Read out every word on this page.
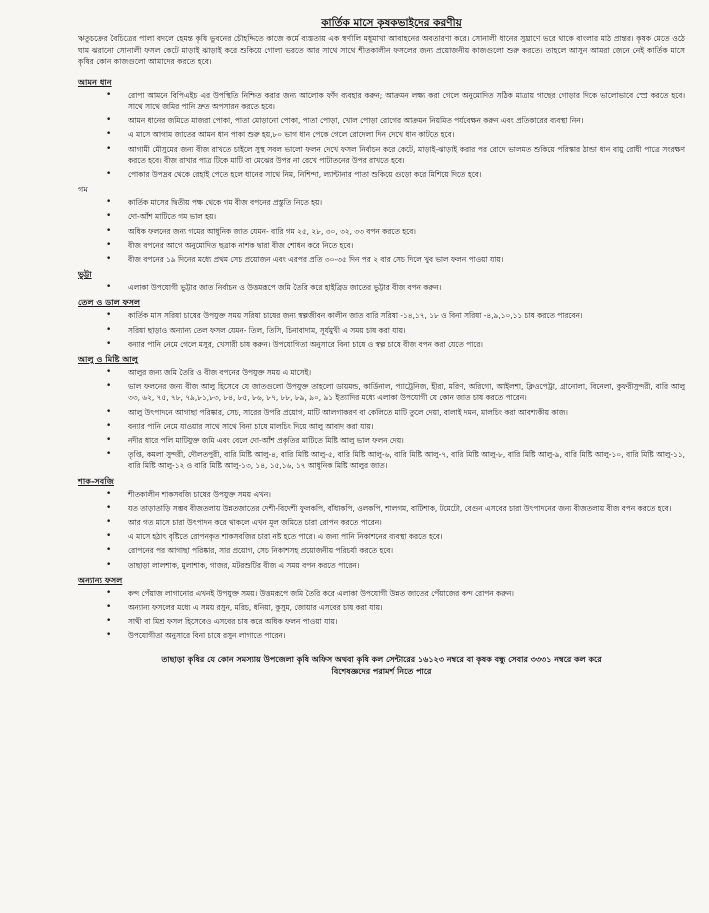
কার্তিক মাসে কৃষকভাইদের করণীয়

ঋতুচক্রের বৈচিত্রের পালা বদলে হেমন্ত কৃষি ভুবনের চৌহদ্দিতে কাজে কর্মে ব্যস্ততায় এক স্বর্ণালি মধুমাখা আবাহনের অবতারণা করে। সোনালী ধানের সুঘ্রাণে ভরে থাকে বাংলার মাঠ প্রান্তর। কৃষক মেতে ওঠে ঘাম ঝরানো সোনালী ফসল কেটে মাড়াই ঝাড়াই করে শুকিয়ে গোলা ভরতে আর সাথে সাথে শীতকালীন ফসলের জন্য প্রয়োজনীয় কাজগুলো শুরু করতে। তাহলে আসুন আমরা জেনে নেই কার্তিক মাসে কৃষির কোন কাজগুলো আমাদের করতে হবে।

আমন ধান
• রোপা আমনে বিপিএইচ এর উপস্থিতি নিশ্চিত করার জন্য আলোক ফাঁদ ব্যবহার করুন; আক্রমন লক্ষ্য করা গেলে অনুমোদিত সঠিক মাত্রায় গাছের গোড়ার দিকে ভালোভাবে স্প্রে করতে হবে। সাথে সাথে জমির পানি দ্রুত অপসারন করতে হবে।
• আমন ধানের জমিতে মাজরা পোকা, পাতা মোড়ানো পোকা, পাতা পোড়া, খোল পোড়া রোগের আক্রমন নিয়মিত পর্যবেক্ষন করুন এবং প্রতিকারের ব্যবস্থা নিন।
• এ মাসে আগাম জাতের আমন ধান পাকা শুরু হয়,৮০ ভাগ ধান পেকে গেলে রোদেলা দিন দেখে ধান কাটতে হবে।
• আগামী মৌসুমের জন্য বীজ রাখতে চাইলে সুস্থ সবল ভালো ফলন দেখে ফসল নির্বাচন করে কেটে, মাড়াই-ঝাড়াই করার পর রোদে ভালমত শুকিয়ে পরিস্কার ঠান্ডা ধান বায়ু রোধী পাত্রে সংরক্ষণ করতে হবে। বীজ রাখার পাত্র টিকে মাটি বা মেঝের উপর না রেখে পাটাতনের উপর রাখতে হবে।
• পোকার উপদ্রব থেকে রেহাই পেতে হলে ধানের সাথে নিম, নিশিন্দা, ল্যান্টানার পাতা শুকিয়ে গুড়ো করে মিশিয়ে দিতে হবে।
গম
• কার্তিক মাসের দ্বিতীয় পক্ষ থেকে গম বীজ বপনের প্রস্তুতি নিতে হয়।
• দো-আঁশ মাটিতে গম ভাল হয়।
• অধিক ফলনের জন্য গমের আধুনিক জাত যেমন- বারি গম ২৫, ২৮, ৩০, ৩২, ৩৩ বপন করতে হবে।
• বীজ বপনের আগে অনুমোদিত ছত্রাক নাশক দ্বারা বীজ শোধন করে নিতে হবে।
• বীজ বপনের ১৯ দিনের মধ্যে প্রথম সেচ প্রয়োজন এবং এরপর প্রতি ৩০-৩৫ দিন পর ২ বার সেচ দিলে খুব ভাল ফলন পাওয়া যায়।
ভুট্টা
• এলাকা উপযোগী ভুট্টার জাত নির্বাচন ও উত্তমরূপে জমি তৈরি করে হাইব্রিড জাতের ভুট্টার বীজ বপন করুন।
তেল ও ডাল ফসল
• কার্তিক মাস সরিষা চাষের উপযুক্ত সময় সরিষা চাষের জন্য স্বল্পজীবন কালীন জাত বারি সরিষা -১৪,১৭, ১৮ ও বিনা সরিষা -৪,৯,১০,১১ চাষ করতে পারবেন।
• সরিষা ছাড়াও অন্যান্য তেল ফসল যেমন- তিল, তিসি, চিনাবাদাম, সূর্যমুখী এ সময় চাষ করা যায়।
• বন্যার পানি নেমে গেলে মসুর, খেসারী চাষ করুন। উপযোগিতা অনুসারে বিনা চাষে ও স্বল্প চাষে বীজ বপন করা যেতে পারে।
আলু ও মিষ্টি আলু
• আলুর জন্য জমি তৈরি ও বীজ বপনের উপযুক্ত সময় এ মাসেই।
• ভাল ফলনের জন্য বীজ আলু হিসেবে যে জাতগুলো উপযুক্ত তাহলো ডায়মন্ড, কার্ডিনাল, প্যাট্রেনিজ, হীরা, মরিণ, অরিগো, আইলশা, ক্লিওপেট্রা, গ্রানোলা, বিনেলা, কুফরীসুন্দরী, বারি আলু ৩৩, ৬২, ৭৫, ৭৮, ৭৯,৮১,৮৩, ৮৪, ৮৫, ৮৬, ৮৭, ৮৮, ৮৯, ৯০, ৯১ ইত্যাদির মধ্যে এলাকা উপযোগী যে কোন জাত চাষ করতে পারেন।
• আলু উৎপাদনে আগাছা পরিষ্কার, সেচ, সারের উপরি প্রয়োগ, মাটি আলগাকরণ বা কেলিতে মাটি তুলে দেয়া, বালাই দমন, মালচিং করা আবশ্যকীয় কাজ।
• বন্যার পানি নেমে যাওয়ার সাথে সাথে বিনা চাষে মালচিং দিয়ে আলু আবাদ করা যায়।
• নদীর ধারে পলি মাটিযুক্ত জমি এবং বেলে দো-আঁশ প্রকৃতির মাটিতে মিষ্টি আলু ভাল ফলন দেয়।
• তৃপ্তি, কমলা সুন্দরী, দৌলতপুরী, বারি মিষ্টি আলু-৪, বারি মিষ্টি আলু-৫, বারি মিষ্টি আলু-৬, বারি মিষ্টি আলু-৭, বারি মিষ্টি আলু-৮, বারি মিষ্টি আলু-৯, বারি মিষ্টি আলু-১০, বারি মিষ্টি আলু-১১, বারি মিষ্টি আলু-১২ ও বারি মিষ্টি আলু-১৩, ১৪, ১৫,১৬, ১৭ আধুনিক মিষ্টি আলুর জাত।
শাক-সবজি
• শীতকালীন শাকসবজি চাষের উপযুক্ত সময় এখন।
• যত তাড়াতাড়ি সম্ভব বীজতলায় উন্নতজাতের দেশী-বিদেশী ফুলকপি, বাঁধাকপি, ওলকপি, শালগম, বাটিশাক, টমেটো, বেগুন এসবের চারা উৎপাদনের জন্য বীজতলায় বীজ বপন করতে হবে।
• আর গত মাসে চারা উৎপাদন করে থাকলে এখন মূল জমিতে চারা রোপন করতে পারেন।
• এ মাসে হঠাৎ বৃষ্টিতে রোপনকৃত শাকসবজির চারা নষ্ট হতে পারে। এ জন্য পানি নিকাশনের ব্যবস্থা করতে হবে।
• রোপনের পর আগাছা পরিষ্কার, সার প্রয়োগ, সেচ নিকাশসহ প্রয়োজনীয় পরিচর্যা করতে হবে।
• তাছাড়া লালশাক, মুলাশাক, গাজর, মটরশুটির বীজ এ সময় বপন করতে পারেন।
অন্যান্য ফসল
• কন্দ পেঁয়াজ লাগানোর এখনই উপযুক্ত সময়। উত্তমরূপে জমি তৈরি করে এলাকা উপযোগী উন্নত জাতের পেঁয়াজের কন্দ রোপন করুন।
• অন্যান্য ফসলের মধ্যে এ সময় রসুন, মরিচ, ধনিয়া, কুসুম, জোয়ার এসবের চাষ করা যায়।
• সাথী বা মিশ্র ফসল হিসেবেও এসবের চাষ করে অধিক ফলন পাওয়া যায়।
• উপযোগীতা অনুসারে বিনা চাষে রসুন লাগাতে পারেন।
তাছাড়া কৃষির যে কোন সমস্যায় উপজেলা কৃষি অফিস অথবা কৃষি কল সেন্টারের ১৬১২৩ নম্বরে বা কৃষক বন্ধু সেবার ৩৩৩১ নম্বরে কল করে
বিশেষজ্ঞদের পরামর্শ নিতে পারে
